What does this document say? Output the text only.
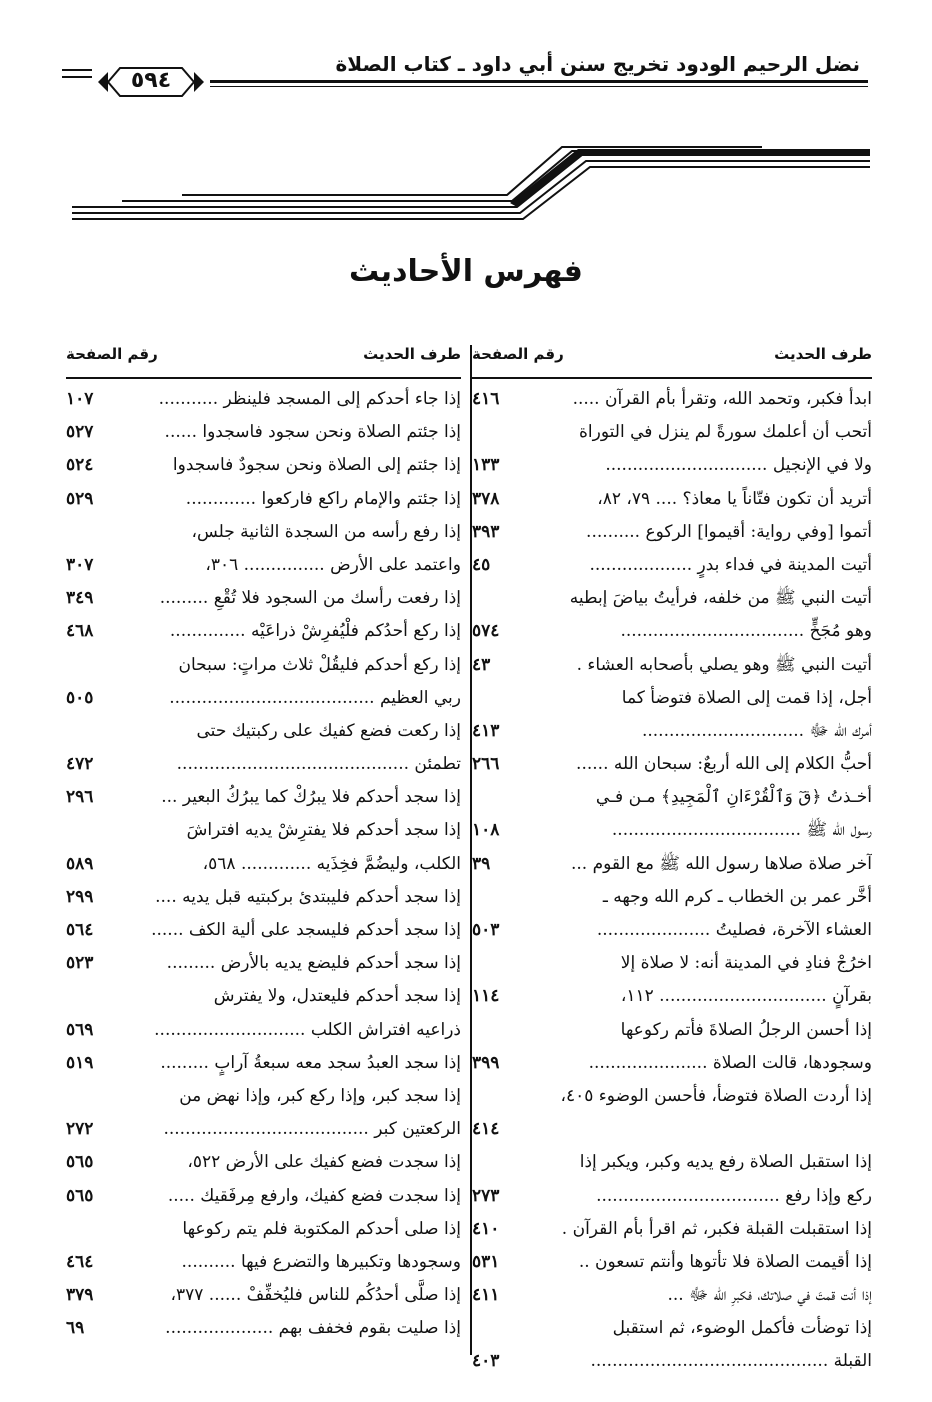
نضل الرحيم الودود تخريج سنن أبي داود ـ كتاب الصلاة
٥٩٤
فهرس الأحاديث
طرف الحديث
رقم الصفحة
ابدأ فكبر، وتحمد الله، وتقرأ بأم القرآن .....
٤١٦
أتحب أن أعلمك سورةً لم ينزل في التوراة
ولا في الإنجيل ..............................
١٣٣
أتريد أن تكون فتّاناً يا معاذ؟ .... ٧٩، ٨٢،
٣٧٨
أتموا [وفي رواية: أقيموا] الركوع ..........
٣٩٣
أتيت المدينة في فداء بدرٍ ...................
٤٥
أتيت النبي ﷺ من خلفه، فرأيتُ بياضَ إبطيه
وهو مُجَخٍّ ..................................
٥٧٤
أتيت النبي ﷺ وهو يصلي بأصحابه العشاء .
٤٣
أجل، إذا قمت إلى الصلاة فتوضأ كما
أمرك الله ﷻ ..............................
٤١٣
أحبُّ الكلام إلى الله أربعٌ: سبحان الله ......
٢٦٦
أخـذتُ ﴿قٓ وَٱلْقُرْءَانِ ٱلْمَجِيدِ﴾ مـن فـي
رسول الله ﷺ ...................................
١٠٨
آخر صلاة صلاها رسول الله ﷺ مع القوم ...
٣٩
أخَّر عمر بن الخطاب ـ كرم الله وجهه ـ
العشاء الآخرة، فصليتُ .....................
٥٠٣
اخرُجْ فنادِ في المدينة أنه: لا صلاة إلا
بقرآنٍ ............................... ١١٢،
١١٤
إذا أحسن الرجلُ الصلاةَ فأتم ركوعها
وسجودها، قالت الصلاة ......................
٣٩٩
إذا أردت الصلاة فتوضأ، فأحسن الوضوء ٤٠٥،
٤١٤
إذا استقبل الصلاة رفع يديه وكبر، ويكبر إذا
ركع وإذا رفع ..................................
٢٧٣
إذا استقبلت القبلة فكبر، ثم اقرأ بأم القرآن .
٤١٠
إذا أقيمت الصلاة فلا تأتوها وأنتم تسعون ..
٥٣١
إذا أنت قمتَ في صلاتك، فكبرِ الله ﷻ ...
٤١١
إذا توضأت فأكمل الوضوء، ثم استقبل
القبلة ............................................
٤٠٣
طرف الحديث
رقم الصفحة
إذا جاء أحدكم إلى المسجد فلينظر ...........
١٠٧
إذا جئتم الصلاة ونحن سجود فاسجدوا ......
٥٢٧
إذا جئتم إلى الصلاة ونحن سجودٌ فاسجدوا
٥٢٤
إذا جئتم والإمام راكع فاركعوا .............
٥٢٩
إذا رفع رأسه من السجدة الثانية جلس،
واعتمد على الأرض ............... ٣٠٦،
٣٠٧
إذا رفعت رأسك من السجود فلا تُقْعِ .........
٣٤٩
إذا ركع أحدُكم فلْيُفرِشْ ذراعَيْه ..............
٤٦٨
إذا ركع أحدكم فليقُلْ ثلاث مراتٍ: سبحان
ربي العظيم ......................................
٥٠٥
إذا ركعت فضع كفيك على ركبتيك حتى
تطمئن ...........................................
٤٧٢
إذا سجد أحدكم فلا يبرُكْ كما يبرُكُ البعير ...
٢٩٦
إذا سجد أحدكم فلا يفترِشْ يديه افتراشَ
الكلب، وليضُمَّ فخِذَيه ............. ٥٦٨،
٥٨٩
إذا سجد أحدكم فليبتدئ بركبتيه قبل يديه ....
٢٩٩
إذا سجد أحدكم فليسجد على ألية الكف ......
٥٦٤
إذا سجد أحدكم فليضع يديه بالأرض .........
٥٢٣
إذا سجد أحدكم فليعتدل، ولا يفترش
ذراعيه افتراش الكلب ............................
٥٦٩
إذا سجد العبدُ سجد معه سبعةُ آرابٍ .........
٥١٩
إذا سجد كبر، وإذا ركع كبر، وإذا نهض من
الركعتين كبر ......................................
٢٧٢
إذا سجدت فضع كفيك على الأرض ٥٢٢،
٥٦٥
إذا سجدت فضع كفيك، وارفع مِرفَقيك .....
٥٦٥
إذا صلى أحدكم المكتوبة فلم يتم ركوعها
وسجودها وتكبيرها والتضرع فيها ..........
٤٦٤
إذا صلَّى أحدُكُم للناس فليُخفِّفْ ...... ٣٧٧،
٣٧٩
إذا صليت بقوم فخفف بهم ....................
٦٩
